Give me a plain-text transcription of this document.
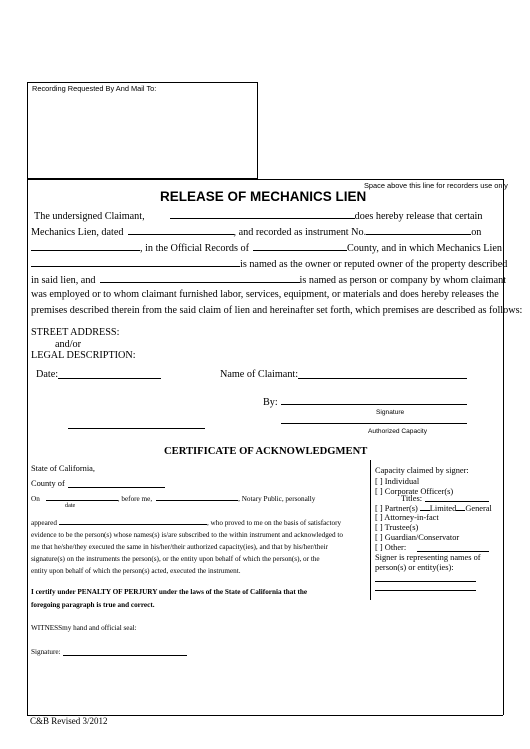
Recording Requested By And Mail To:
Space above this line for recorders use only
RELEASE OF MECHANICS LIEN
The undersigned Claimant,	does hereby release that certain
Mechanics Lien, dated	, and recorded as instrument No.	on
, in the Official Records of	County, and in which Mechanics Lien
is named as the owner or reputed owner of the property described
in said lien, and	is named as person or company by whom claimant
was employed or to whom claimant furnished labor, services, equipment, or materials and does hereby releases the
premises described therein from the said claim of lien and hereinafter set forth, which premises are described as follows:
STREET ADDRESS:
and/or
LEGAL DESCRIPTION:
Date:	Name of Claimant:
By:
Signature
Authorized Capacity
CERTIFICATE OF ACKNOWLEDGMENT
State of California,
County of
On	, before me,	, Notary Public, personally
date
appeared	, who proved to me on the basis of satisfactory
evidence to be the person(s) whose names(s) is/are subscribed to the within instrument and acknowledged to
me that he/she/they executed the same in his/her/their authorized capacity(ies), and that by his/her/their
signature(s) on the instruments the person(s), or the entity upon behalf of which the person(s), or the
entity upon behalf of which the person(s) acted, executed the instrument.
I certify under PENALTY OF PERJURY under the laws of the State of California that the
foregoing paragraph is true and correct.
WITNESSmy hand and official seal:
Signature:
Capacity claimed by signer:
[ ] Individual
[ ] Corporate Officer(s)
Titles:
[ ] Partner(s) Limited General
[ ] Attorney-in-fact
[ ] Trustee(s)
[ ] Guardian/Conservator
[ ] Other:
Signer is representing names of
person(s) or entity(ies):
C&B Revised 3/2012
